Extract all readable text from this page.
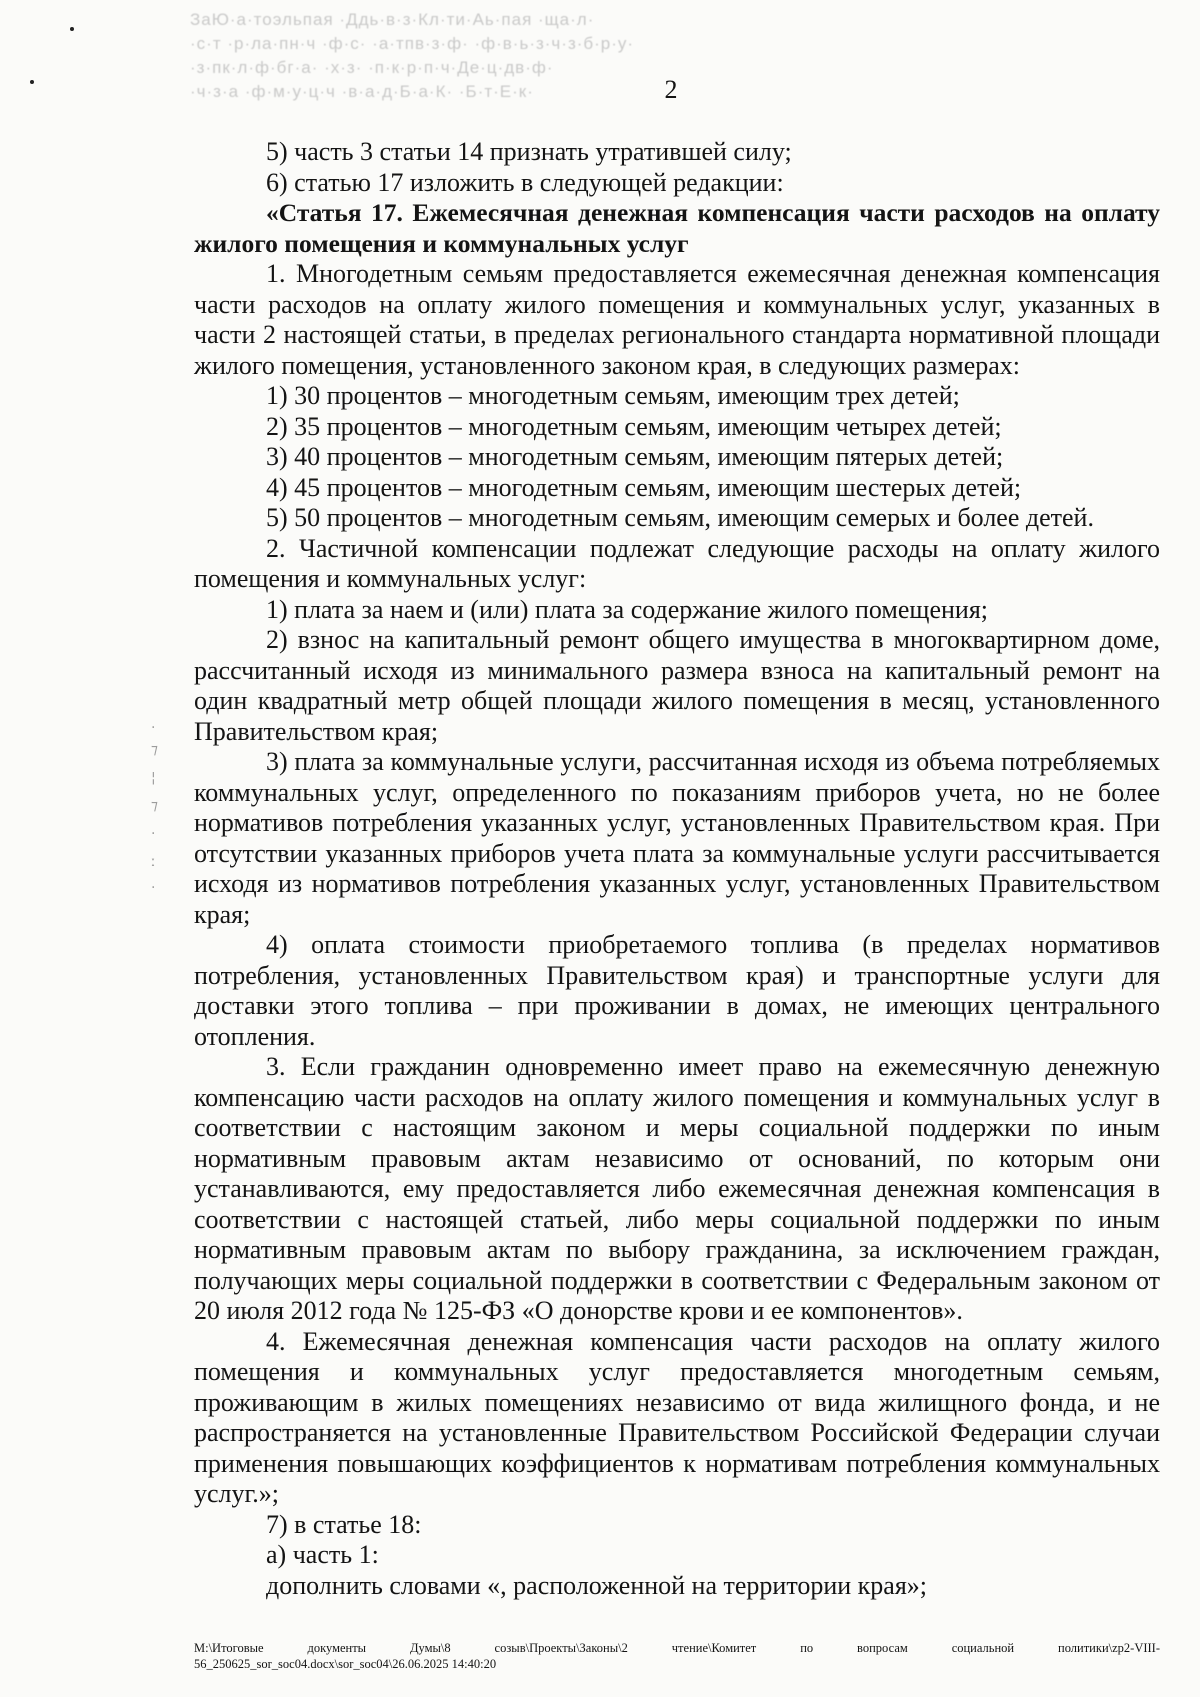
ЗаЮ·а·тоэльпая ·Ддь·в·з·Кл·ти·Аь·пая ·ща·л·
·с·т ·р·ла·пн·ч ·ф·с· ·а·тпв·з·ф· ·ф·в·ь·з·ч·з·б·р·у·
·з·пк·л·ф·бг·а· ·х·з· ·п·к·р·п·ч·Де·ц·дв·ф·
·ч·з·а ·ф·м·у·ц·ч ·в·а·д·Б·а·К· ·Б·т·Е·к·
·
⁊
¦
⁊
·
ː
·
2

5) часть 3 статьи 14 признать утратившей силу;

6) статью 17 изложить в следующей редакции:

«Статья 17. Ежемесячная денежная компенсация части расходов на оплату жилого помещения и коммунальных услуг

1. Многодетным семьям предоставляется ежемесячная денежная компенсация части расходов на оплату жилого помещения и коммунальных услуг, указанных в части 2 настоящей статьи, в пределах регионального стандарта нормативной площади жилого помещения, установленного законом края, в следующих размерах:

1) 30 процентов – многодетным семьям, имеющим трех детей;

2) 35 процентов – многодетным семьям, имеющим четырех детей;

3) 40 процентов – многодетным семьям, имеющим пятерых детей;

4) 45 процентов – многодетным семьям, имеющим шестерых детей;

5) 50 процентов – многодетным семьям, имеющим семерых и более детей.

2. Частичной компенсации подлежат следующие расходы на оплату жилого помещения и коммунальных услуг:

1) плата за наем и (или) плата за содержание жилого помещения;

2) взнос на капитальный ремонт общего имущества в многоквартирном доме, рассчитанный исходя из минимального размера взноса на капитальный ремонт на один квадратный метр общей площади жилого помещения в месяц, установленного Правительством края;

3) плата за коммунальные услуги, рассчитанная исходя из объема потребляемых коммунальных услуг, определенного по показаниям приборов учета, но не более нормативов потребления указанных услуг, установленных Правительством края. При отсутствии указанных приборов учета плата за коммунальные услуги рассчитывается исходя из нормативов потребления указанных услуг, установленных Правительством края;

4) оплата стоимости приобретаемого топлива (в пределах нормативов потребления, установленных Правительством края) и транспортные услуги для доставки этого топлива – при проживании в домах, не имеющих центрального отопления.

3. Если гражданин одновременно имеет право на ежемесячную денежную компенсацию части расходов на оплату жилого помещения и коммунальных услуг в соответствии с настоящим законом и меры социальной поддержки по иным нормативным правовым актам независимо от оснований, по которым они устанавливаются, ему предоставляется либо ежемесячная денежная компенсация в соответствии с настоящей статьей, либо меры социальной поддержки по иным нормативным правовым актам по выбору гражданина, за исключением граждан, получающих меры социальной поддержки в соответствии с Федеральным законом от 20 июля 2012 года № 125-ФЗ «О донорстве крови и ее компонентов».

4. Ежемесячная денежная компенсация части расходов на оплату жилого помещения и коммунальных услуг предоставляется многодетным семьям, проживающим в жилых помещениях независимо от вида жилищного фонда, и не распространяется на установленные Правительством Российской Федерации случаи применения повышающих коэффициентов к нормативам потребления коммунальных услуг.»;

7) в статье 18:

а) часть 1:

дополнить словами «, расположенной на территории края»;

M:\Итоговые документы Думы\8 созыв\Проекты\Законы\2 чтение\Комитет по вопросам социальной политики\zp2-VIII-
56_250625_sor_soc04.docx\sor_soc04\26.06.2025 14:40:20
